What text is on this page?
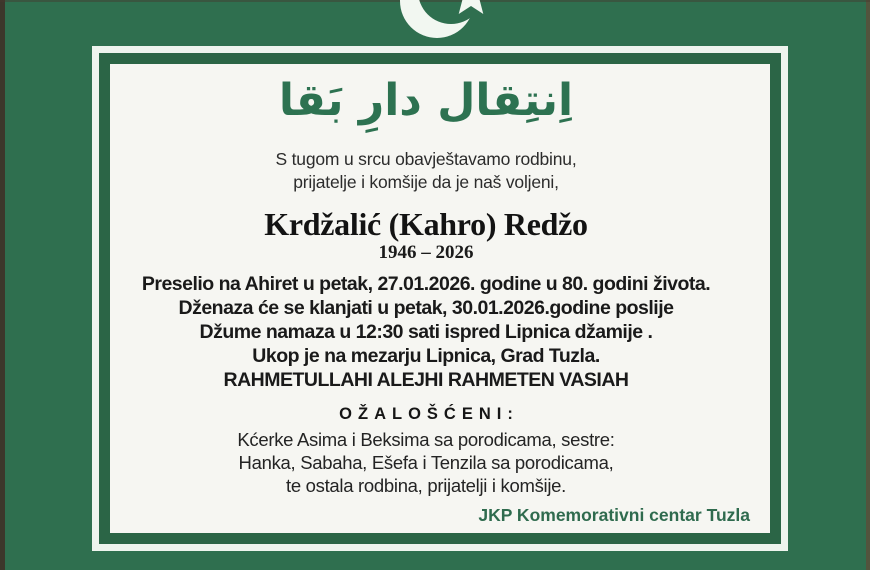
اِنتِقال دارِ بَقا
S tugom u srcu obavještavamo rodbinu,
prijatelje i komšije da je naš voljeni,
Krdžalić (Kahro) Redžo
1946 – 2026
Preselio na Ahiret u petak, 27.01.2026. godine u 80. godini života.
Dženaza će se klanjati u petak, 30.01.2026.godine poslije
Džume namaza u 12:30 sati ispred Lipnica džamije .
Ukop je na mezarju Lipnica, Grad Tuzla.
RAHMETULLAHI ALEJHI RAHMETEN VASIAH
OŽALOŠĆENI:
Kćerke Asima i Beksima sa porodicama, sestre:
Hanka, Sabaha, Ešefa i Tenzila sa porodicama,
te ostala rodbina, prijatelji i komšije.
JKP Komemorativni centar Tuzla
